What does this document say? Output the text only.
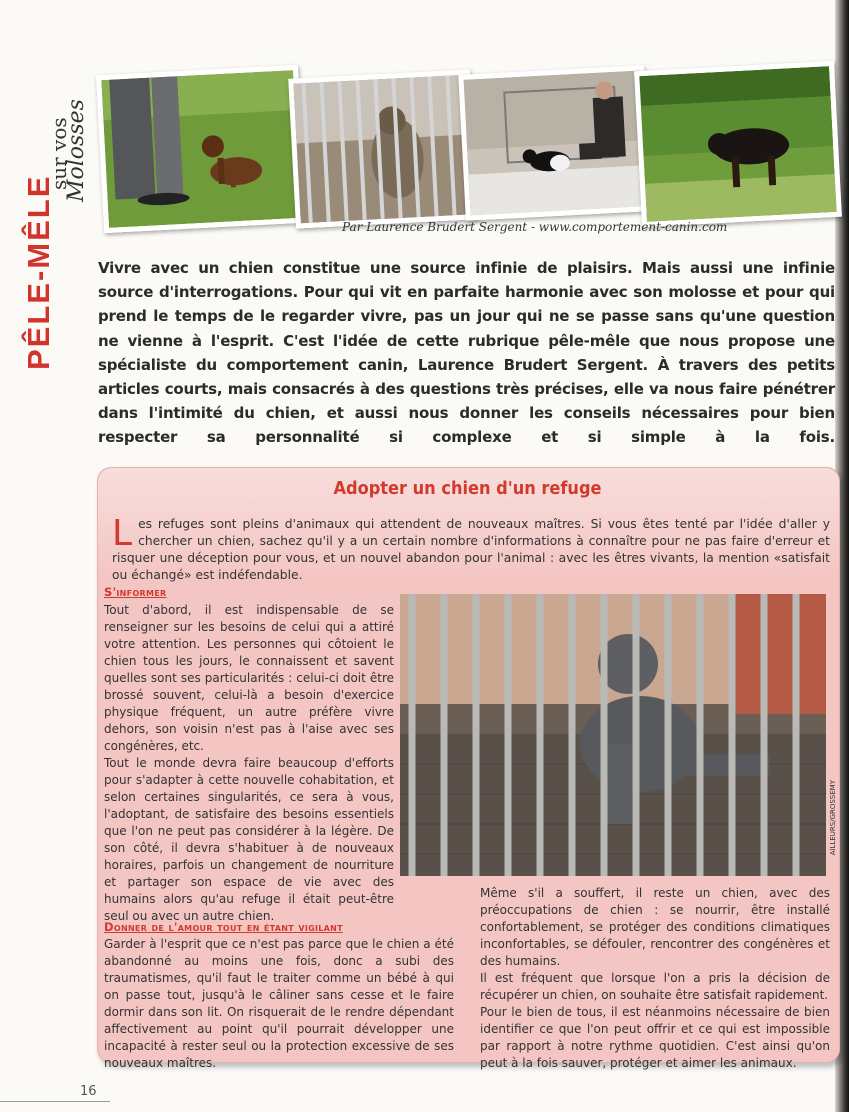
PÊLE-MÊLE
sur vos
Molosses
Par Laurence Brudert Sergent - www.comportement-canin.com
Vivre avec un chien constitue une source infinie de plaisirs. Mais aussi une infinie source d'interrogations. Pour qui vit en parfaite harmonie avec son molosse et pour qui prend le temps de le regarder vivre, pas un jour qui ne se passe sans qu'une question ne vienne à l'esprit. C'est l'idée de cette rubrique pêle-mêle que nous propose une spécialiste du comportement canin, Laurence Brudert Sergent. À travers des petits articles courts, mais consacrés à des questions très précises, elle va nous faire pénétrer dans l'intimité du chien, et aussi nous donner les conseils nécessaires pour bien respecter sa personnalité si complexe et si simple à la fois.
Adopter un chien d'un refuge
Les refuges sont pleins d'animaux qui attendent de nouveaux maîtres. Si vous êtes tenté par l'idée d'aller y chercher un chien, sachez qu'il y a un certain nombre d'informations à connaître pour ne pas faire d'erreur et risquer une déception pour vous, et un nouvel abandon pour l'animal : avec les êtres vivants, la mention «satisfait ou échangé» est indéfendable.
S'informer

Tout d'abord, il est indispensable de se renseigner sur les besoins de celui qui a attiré votre attention. Les personnes qui côtoient le chien tous les jours, le connaissent et savent quelles sont ses particularités : celui-ci doit être brossé souvent, celui-là a besoin d'exercice physique fréquent, un autre préfère vivre dehors, son voisin n'est pas à l'aise avec ses congénères, etc.

Tout le monde devra faire beaucoup d'efforts pour s'adapter à cette nouvelle cohabitation, et selon certaines singularités, ce sera à vous, l'adoptant, de satisfaire des besoins essentiels que l'on ne peut pas considérer à la légère. De son côté, il devra s'habituer à de nouveaux horaires, parfois un changement de nourriture et partager son espace de vie avec des humains alors qu'au refuge il était peut-être seul ou avec un autre chien.

Donner de l'amour tout en étant vigilant

Garder à l'esprit que ce n'est pas parce que le chien a été abandonné au moins une fois, donc a subi des traumatismes, qu'il faut le traiter comme un bébé à qui on passe tout, jusqu'à le câliner sans cesse et le faire dormir dans son lit. On risquerait de le rendre dépendant affectivement au point qu'il pourrait développer une incapacité à rester seul ou la protection excessive de ses nouveaux maîtres.

AILLEURS/GROSSEMY

Même s'il a souffert, il reste un chien, avec des préoccupations de chien : se nourrir, être installé confortablement, se protéger des conditions climatiques inconfortables, se défouler, rencontrer des congénères et des humains.

Il est fréquent que lorsque l'on a pris la décision de récupérer un chien, on souhaite être satisfait rapidement.

Pour le bien de tous, il est néanmoins nécessaire de bien identifier ce que l'on peut offrir et ce qui est impossible par rapport à notre rythme quotidien. C'est ainsi qu'on peut à la fois sauver, protéger et aimer les animaux.

16
